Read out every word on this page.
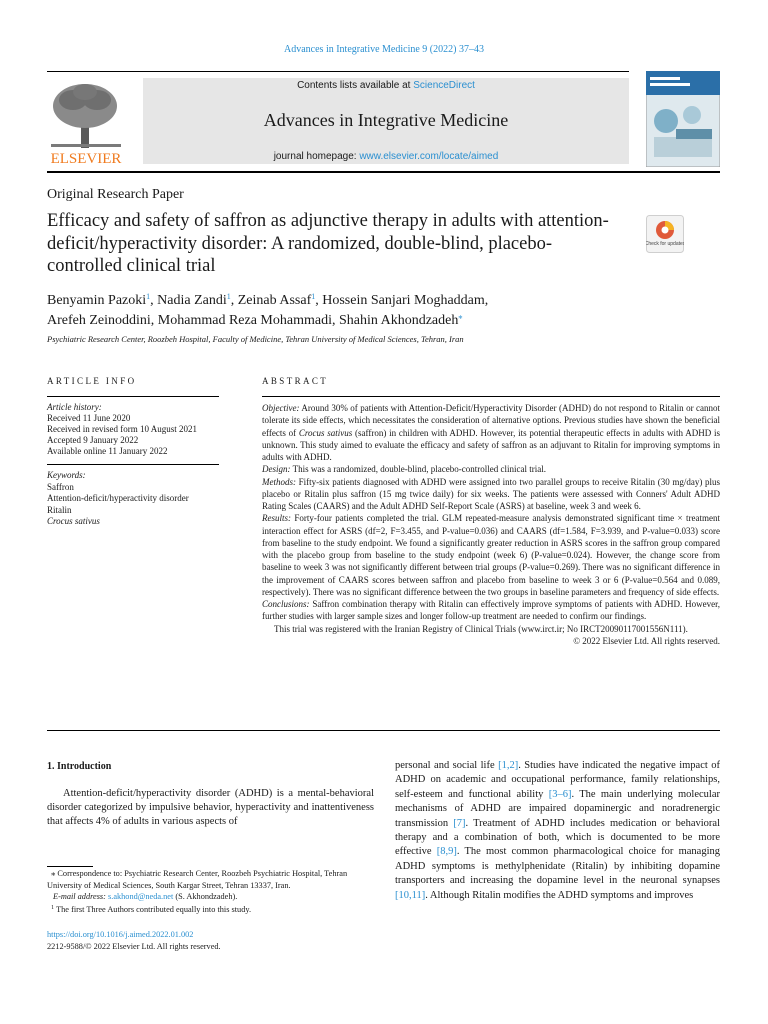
Advances in Integrative Medicine 9 (2022) 37–43
ELSEVIER
Contents lists available at ScienceDirect
Advances in Integrative Medicine
journal homepage: www.elsevier.com/locate/aimed
Original Research Paper
Efficacy and safety of saffron as adjunctive therapy in adults with attention-deficit/hyperactivity disorder: A randomized, double-blind, placebo-controlled clinical trial
Check for updates
Benyamin Pazoki$^1$, Nadia Zandi$^1$, Zeinab Assaf$^1$, Hossein Sanjari Moghaddam,
Arefeh Zeinoddini, Mohammad Reza Mohammadi, Shahin Akhondzadeh⁎
Psychiatric Research Center, Roozbeh Hospital, Faculty of Medicine, Tehran University of Medical Sciences, Tehran, Iran
ARTICLE INFO	ABSTRACT
Article history:
Received 11 June 2020
Received in revised form 10 August 2021
Accepted 9 January 2022
Available online 11 January 2022
Keywords:
Saffron
Attention-deficit/hyperactivity disorder
Ritalin
Crocus sativus

Objective: Around 30% of patients with Attention-Deficit/Hyperactivity Disorder (ADHD) do not respond to Ritalin or cannot tolerate its side effects, which necessitates the consideration of alternative options. Previous studies have shown the beneficial effects of Crocus sativus (saffron) in children with ADHD. However, its potential therapeutic effects in adults with ADHD is unknown. This study aimed to evaluate the efficacy and safety of saffron as an adjuvant to Ritalin for improving symptoms in adults with ADHD.

Design: This was a randomized, double-blind, placebo-controlled clinical trial.

Methods: Fifty-six patients diagnosed with ADHD were assigned into two parallel groups to receive Ritalin (30 mg/day) plus placebo or Ritalin plus saffron (15 mg twice daily) for six weeks. The patients were assessed with Conners' Adult ADHD Rating Scales (CAARS) and the Adult ADHD Self-Report Scale (ASRS) at baseline, week 3 and week 6.

Results: Forty-four patients completed the trial. GLM repeated-measure analysis demonstrated significant time × treatment interaction effect for ASRS (df=2, F=3.455, and P-value=0.036) and CAARS (df=1.584, F=3.939, and P-value=0.033) score from baseline to the study endpoint. We found a significantly greater reduction in ASRS scores in the saffron group compared with the placebo group from baseline to the study endpoint (week 6) (P-value=0.024). However, the change score from baseline to week 3 was not significantly different between trial groups (P-value=0.269). There was no significant difference in the improvement of CAARS scores between saffron and placebo from baseline to week 3 or 6 (P-value=0.564 and 0.089, respectively). There was no significant difference between the two groups in baseline parameters and frequency of side effects.

Conclusions: Saffron combination therapy with Ritalin can effectively improve symptoms of patients with ADHD. However, further studies with larger sample sizes and longer follow-up treatment are needed to confirm our findings.

This trial was registered with the Iranian Registry of Clinical Trials (www.irct.ir; No IRCT20090117001556N111).

© 2022 Elsevier Ltd. All rights reserved.

1. Introduction

Attention-deficit/hyperactivity disorder (ADHD) is a mental-behavioral disorder categorized by impulsive behavior, hyperactivity and inattentiveness that affects 4% of adults in various aspects of

personal and social life [1,2]. Studies have indicated the negative impact of ADHD on academic and occupational performance, family relationships, self-esteem and functional ability [3–6]. The main underlying molecular mechanisms of ADHD are impaired dopaminergic and noradrenergic transmission [7]. Treatment of ADHD includes medication or behavioral therapy and a combination of both, which is documented to be more effective [8,9]. The most common pharmacological choice for managing ADHD symptoms is methylphenidate (Ritalin) by inhibiting dopamine transporters and increasing the dopamine level in the neuronal synapses [10,11]. Although Ritalin modifies the ADHD symptoms and improves

⁎ Correspondence to: Psychiatric Research Center, Roozbeh Psychiatric Hospital, Tehran University of Medical Sciences, South Kargar Street, Tehran 13337, Iran.
E-mail address: s.akhond@neda.net (S. Akhondzadeh).
$^1$ The first Three Authors contributed equally into this study.
https://doi.org/10.1016/j.aimed.2022.01.002
2212-9588/© 2022 Elsevier Ltd. All rights reserved.
